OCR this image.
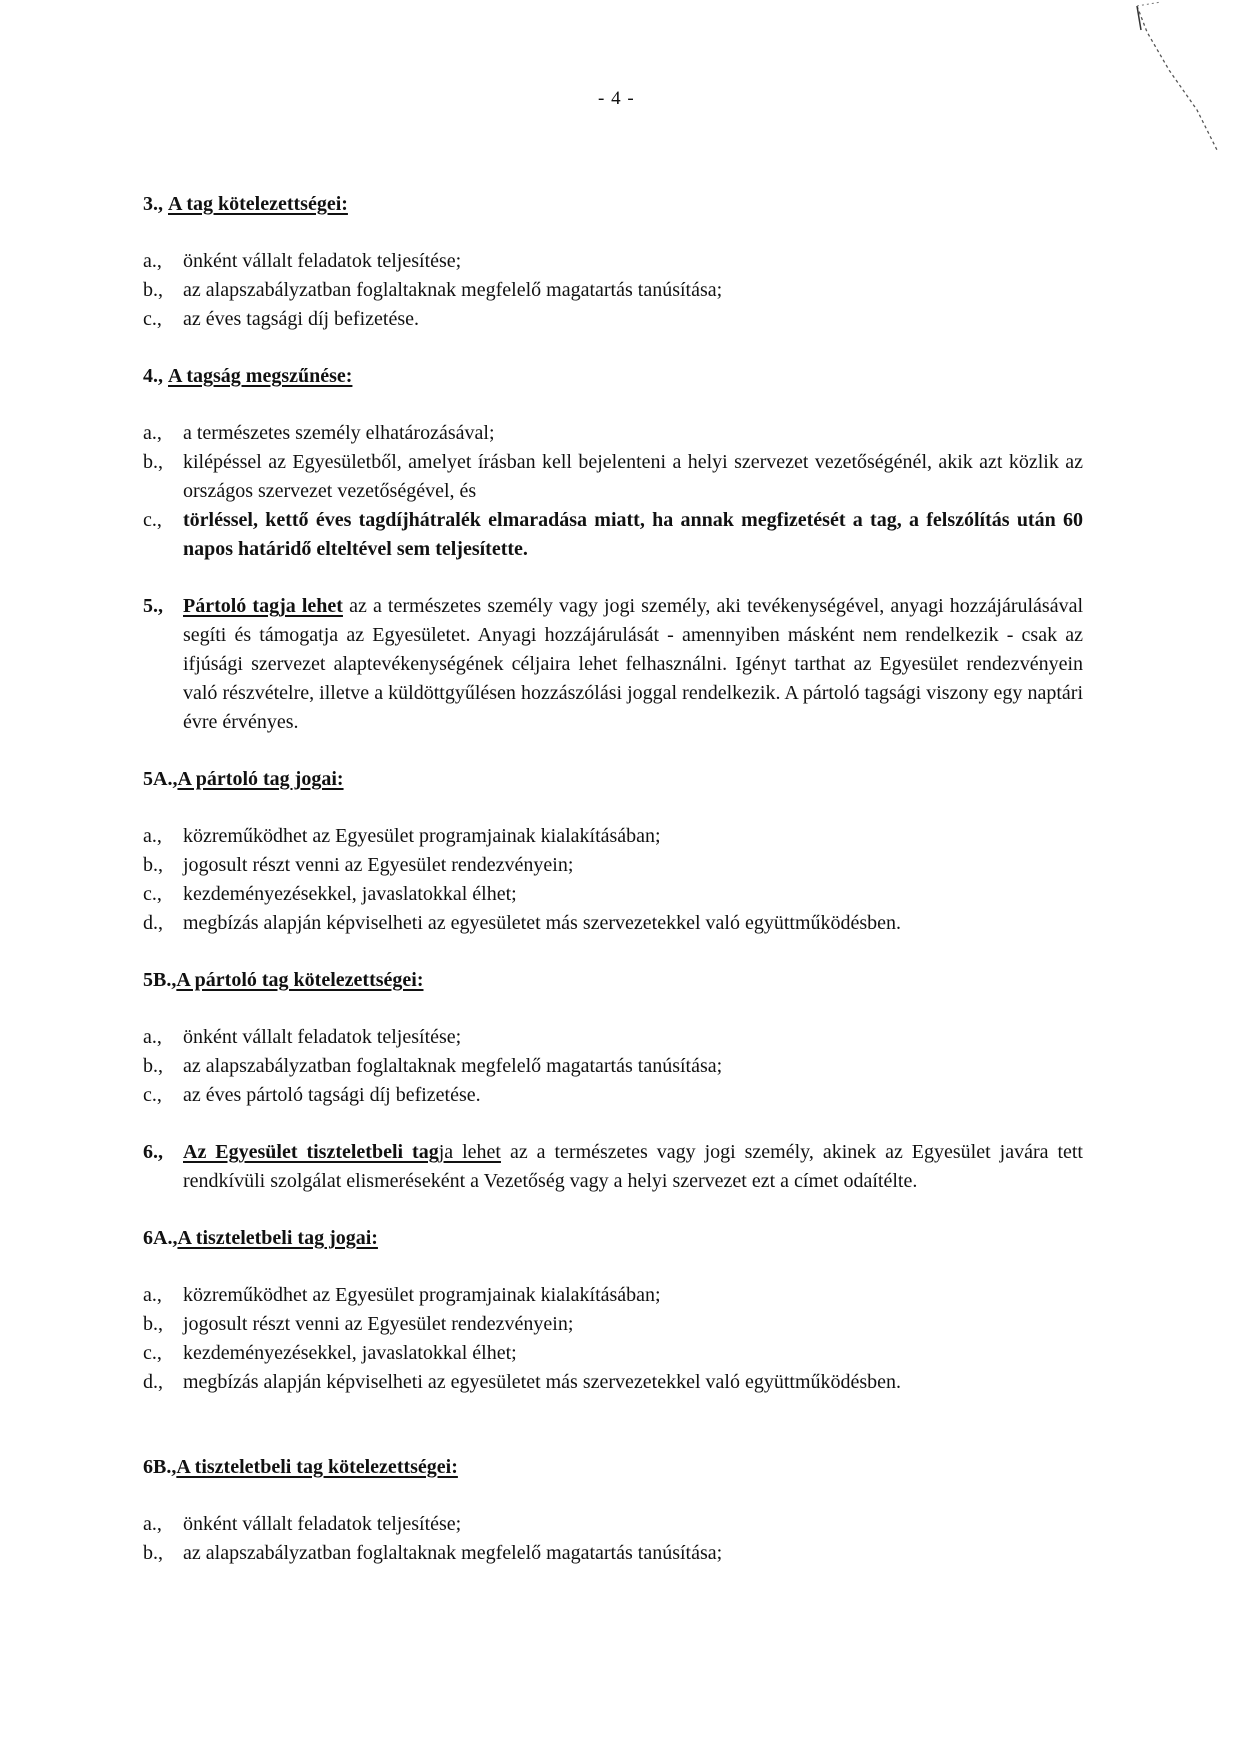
- 4 -
3.,
A tag kötelezettségei:
a.,	önként vállalt feladatok teljesítése;
b.,	az alapszabályzatban foglaltaknak megfelelő magatartás tanúsítása;
c.,	az éves tagsági díj befizetése.
4.,
A tagság megszűnése:
a.,	a természetes személy elhatározásával;
b.,	kilépéssel az Egyesületből, amelyet írásban kell bejelenteni a helyi szervezet vezetőségénél, akik azt közlik az országos szervezet vezetőségével, és
c.,	törléssel, kettő éves tagdíjhátralék elmaradása miatt, ha annak megfizetését a tag, a felszólítás után 60 napos határidő elteltével sem teljesítette.
5.,	Pártoló tagja lehet az a természetes személy vagy jogi személy, aki tevékenységével, anyagi hozzájárulásával segíti és támogatja az Egyesületet. Anyagi hozzájárulását - amennyiben másként nem rendelkezik - csak az ifjúsági szervezet alaptevékenységének céljaira lehet felhasználni. Igényt tarthat az Egyesület rendezvényein való részvételre, illetve a küldöttgyűlésen hozzászólási joggal rendelkezik. A pártoló tagsági viszony egy naptári évre érvényes.
5A., A pártoló tag jogai:
a.,	közreműködhet az Egyesület programjainak kialakításában;
b.,	jogosult részt venni az Egyesület rendezvényein;
c.,	kezdeményezésekkel, javaslatokkal élhet;
d.,	megbízás alapján képviselheti az egyesületet más szervezetekkel való együttműködésben.
5B., A pártoló tag kötelezettségei:
a.,	önként vállalt feladatok teljesítése;
b.,	az alapszabályzatban foglaltaknak megfelelő magatartás tanúsítása;
c.,	az éves pártoló tagsági díj befizetése.
6.,	Az Egyesület tiszteletbeli tagja lehet az a természetes vagy jogi személy, akinek az Egyesület javára tett rendkívüli szolgálat elismeréseként a Vezetőség vagy a helyi szervezet ezt a címet odaítélte.
6A., A tiszteletbeli tag jogai:
a.,	közreműködhet az Egyesület programjainak kialakításában;
b.,	jogosult részt venni az Egyesület rendezvényein;
c.,	kezdeményezésekkel, javaslatokkal élhet;
d.,	megbízás alapján képviselheti az egyesületet más szervezetekkel való együttműködésben.
6B., A tiszteletbeli tag kötelezettségei:
a.,	önként vállalt feladatok teljesítése;
b.,	az alapszabályzatban foglaltaknak megfelelő magatartás tanúsítása;
